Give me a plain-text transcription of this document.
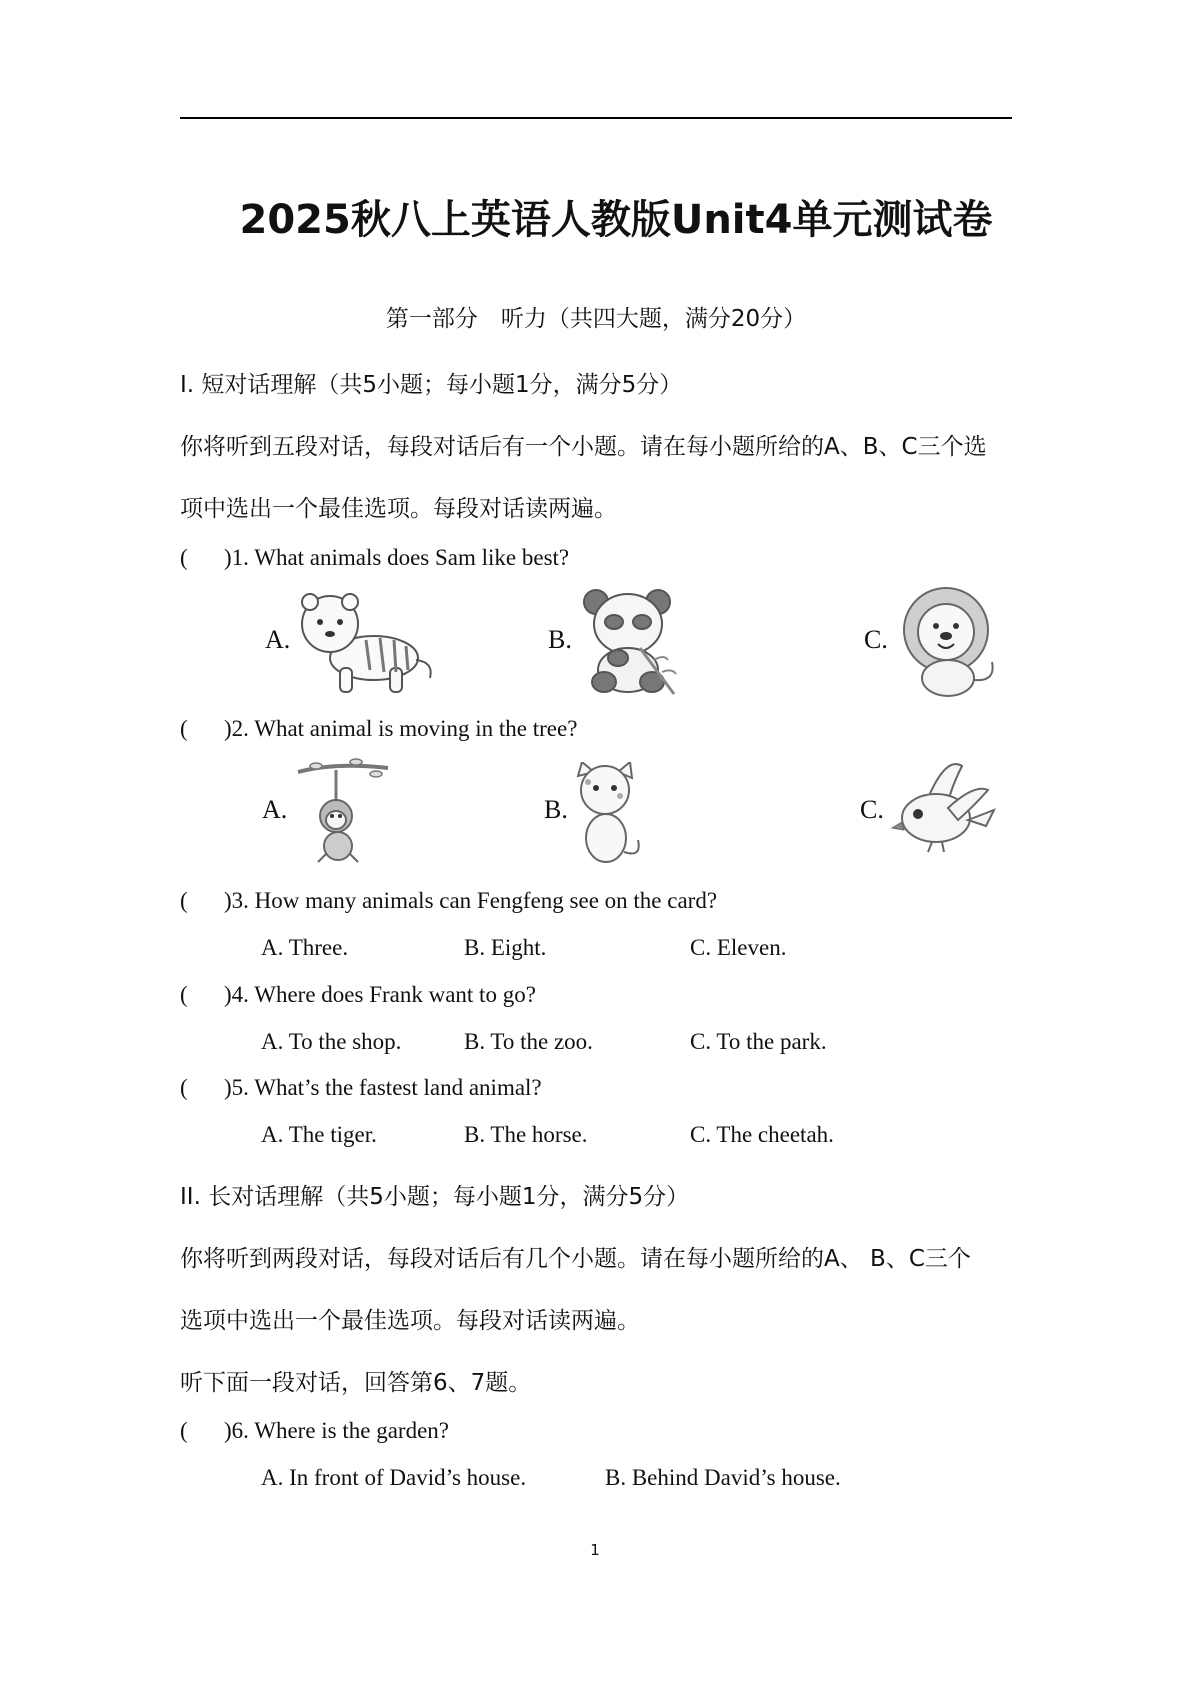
2025秋八上英语人教版Unit4单元测试卷
第一部分　听力（共四大题，满分20分）
I. 短对话理解（共5小题；每小题1分，满分5分）
你将听到五段对话，每段对话后有一个小题。请在每小题所给的A、B、C三个选
项中选出一个最佳选项。每段对话读两遍。
( )1. What animals does Sam like best?
A.	B.	C.
( )2. What animal is moving in the tree?
A.	B.	C.
( )3. How many animals can Fengfeng see on the card?
A. Three.	B. Eight.	C. Eleven.
( )4. Where does Frank want to go?
A. To the shop.	B. To the zoo.	C. To the park.
( )5. What’s the fastest land animal?
A. The tiger.	B. The horse.	C. The cheetah.
II. 长对话理解（共5小题；每小题1分，满分5分）
你将听到两段对话，每段对话后有几个小题。请在每小题所给的A、 B、C三个
选项中选出一个最佳选项。每段对话读两遍。
听下面一段对话，回答第6、7题。
( )6. Where is the garden?
A. In front of David’s house.	B. Behind David’s house.
1
